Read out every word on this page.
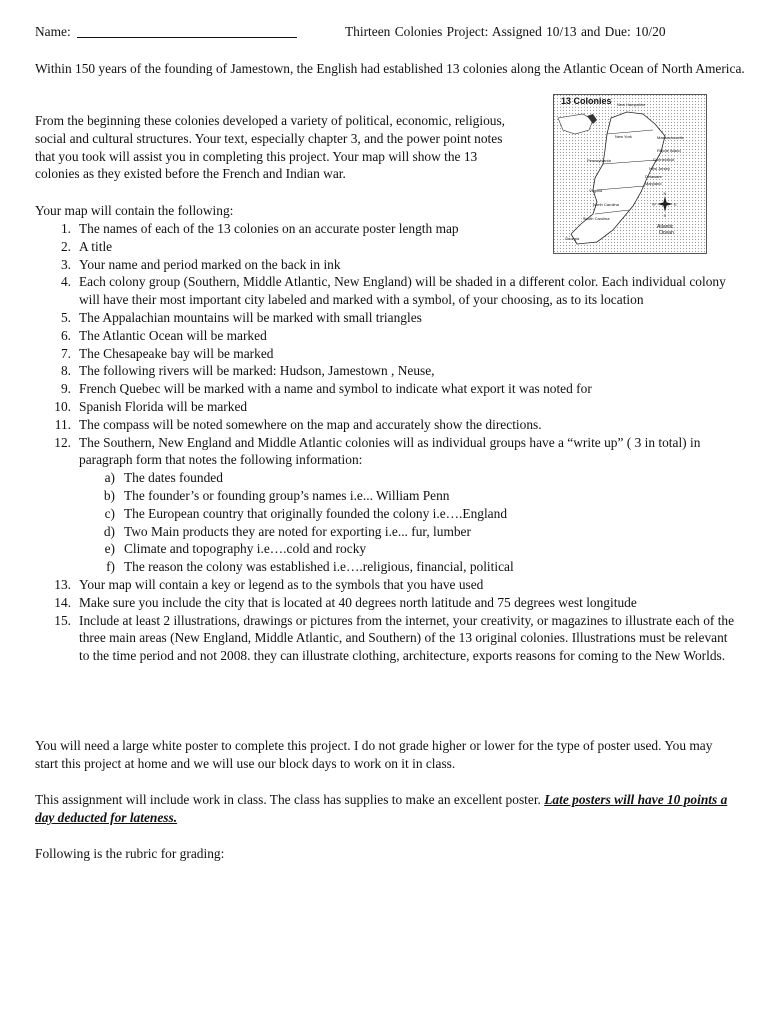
Name:	Thirteen Colonies Project: Assigned 10/13 and Due: 10/20
Within 150 years of the founding of Jamestown, the English had established 13 colonies along the Atlantic Ocean of North America.
From the beginning these colonies developed a variety of political, economic, religious, social and cultural structures. Your text, especially chapter 3, and the power point notes that you took will assist you in completing this project. Your map will show the 13 colonies as they existed before the French and Indian war.
Your map will contain the following:
1. The names of each of the 13 colonies on an accurate poster length map
2. A title
3. Your name and period marked on the back in ink
4. Each colony group (Southern, Middle Atlantic, New England) will be shaded in a different color. Each individual colony will have their most important city labeled and marked with a symbol, of your choosing, as to its location
5. The Appalachian mountains will be marked with small triangles
6. The Atlantic Ocean will be marked
7. The Chesapeake bay will be marked
8. The following rivers will be marked: Hudson, Jamestown , Neuse,
9. French Quebec will be marked with a name and symbol to indicate what export it was noted for
10. Spanish Florida will be marked
11. The compass will be noted somewhere on the map and accurately show the directions.
12. The Southern, New England and Middle Atlantic colonies will as individual groups have a “write up” ( 3 in total) in paragraph form that notes the following information:
a) The dates founded
b) The founder’s or founding group’s names i.e... William Penn
c) The European country that originally founded the colony i.e….England
d) Two Main products they are noted for exporting i.e... fur, lumber
e) Climate and topography i.e….cold and rocky
f) The reason the colony was established i.e….religious, financial, political
13. Your map will contain a key or legend as to the symbols that you have used
14. Make sure you include the city that is located at 40 degrees north latitude and 75 degrees west longitude
15. Include at least 2 illustrations, drawings or pictures from the internet, your creativity, or magazines to illustrate each of the three main areas (New England, Middle Atlantic, and Southern) of the 13 original colonies. Illustrations must be relevant to the time period and not 2008. they can illustrate clothing, architecture, exports reasons for coming to the New Worlds.
You will need a large white poster to complete this project. I do not grade higher or lower for the type of poster used. You may start this project at home and we will use our block days to work on it in class.
This assignment will include work in class. The class has supplies to make an excellent poster. Late posters will have 10 points a day deducted for lateness.
Following is the rubric for grading:
13 Colonies New Hampshire
Massachusetts
New York
Rhode Island
Connecticut
Pennsylvania
New Jersey
Delaware
Maryland
Virginia
North Carolina
South Carolina
Georgia
N
S
E
W
Atlantic
Ocean
